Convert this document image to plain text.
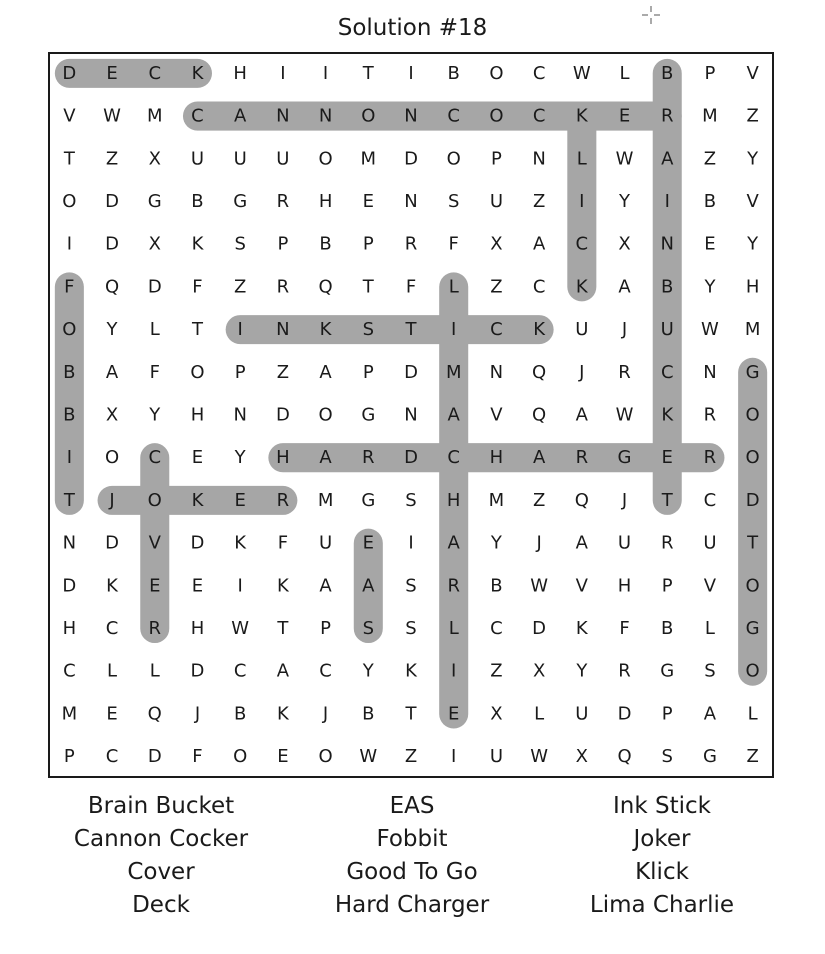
Solution #18
D E C K H I I T I B O C W L B P V
V W M C A N N O N C O C K E R M Z
T Z X U U U O M D O P N L W A Z Y
O D G B G R H E N S U Z I Y I B V
I D X K S P B P R F X A C X N E Y
F Q D F Z R Q T F L Z C K A B Y H
O Y L T I N K S T I C K U J U W M
B A F O P Z A P D M N Q J R C N G
B X Y H N D O G N A V Q A W K R O
I O C E Y H A R D C H A R G E R O
T J O K E R M G S H M Z Q J T C D
N D V D K F U E I A Y J A U R U T
D K E E I K A A S R B W V H P V O
H C R H W T P S S L C D K F B L G
C L L D C A C Y K I Z X Y R G S O
M E Q J B K J B T E X L U D P A L
P C D F O E O W Z I U W X Q S G Z
Brain Bucket
Cannon Cocker
Cover
Deck
EAS
Fobbit
Good To Go
Hard Charger
Ink Stick
Joker
Klick
Lima Charlie
